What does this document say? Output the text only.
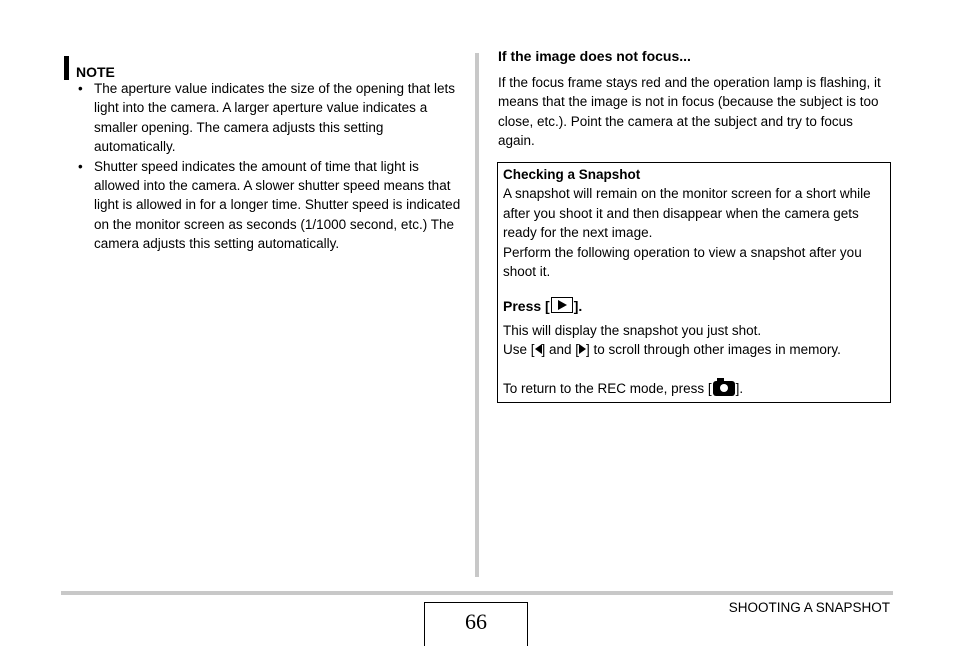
NOTE
• The aperture value indicates the size of the opening that lets light into the camera. A larger aperture value indicates a smaller opening. The camera adjusts this setting automatically.
• Shutter speed indicates the amount of time that light is allowed into the camera. A slower shutter speed means that light is allowed in for a longer time. Shutter speed is indicated on the monitor screen as seconds (1/1000 second, etc.) The camera adjusts this setting automatically.
If the image does not focus...
If the focus frame stays red and the operation lamp is flashing, it means that the image is not in focus (because the subject is too close, etc.). Point the camera at the subject and try to focus again.
Checking a Snapshot
A snapshot will remain on the monitor screen for a short while after you shoot it and then disappear when the camera gets ready for the next image.
Perform the following operation to view a snapshot after you shoot it.
Press [ ].
This will display the snapshot you just shot.
Use [ ] and [ ] to scroll through other images in memory.
To return to the REC mode, press [ ].
66
SHOOTING A SNAPSHOT
